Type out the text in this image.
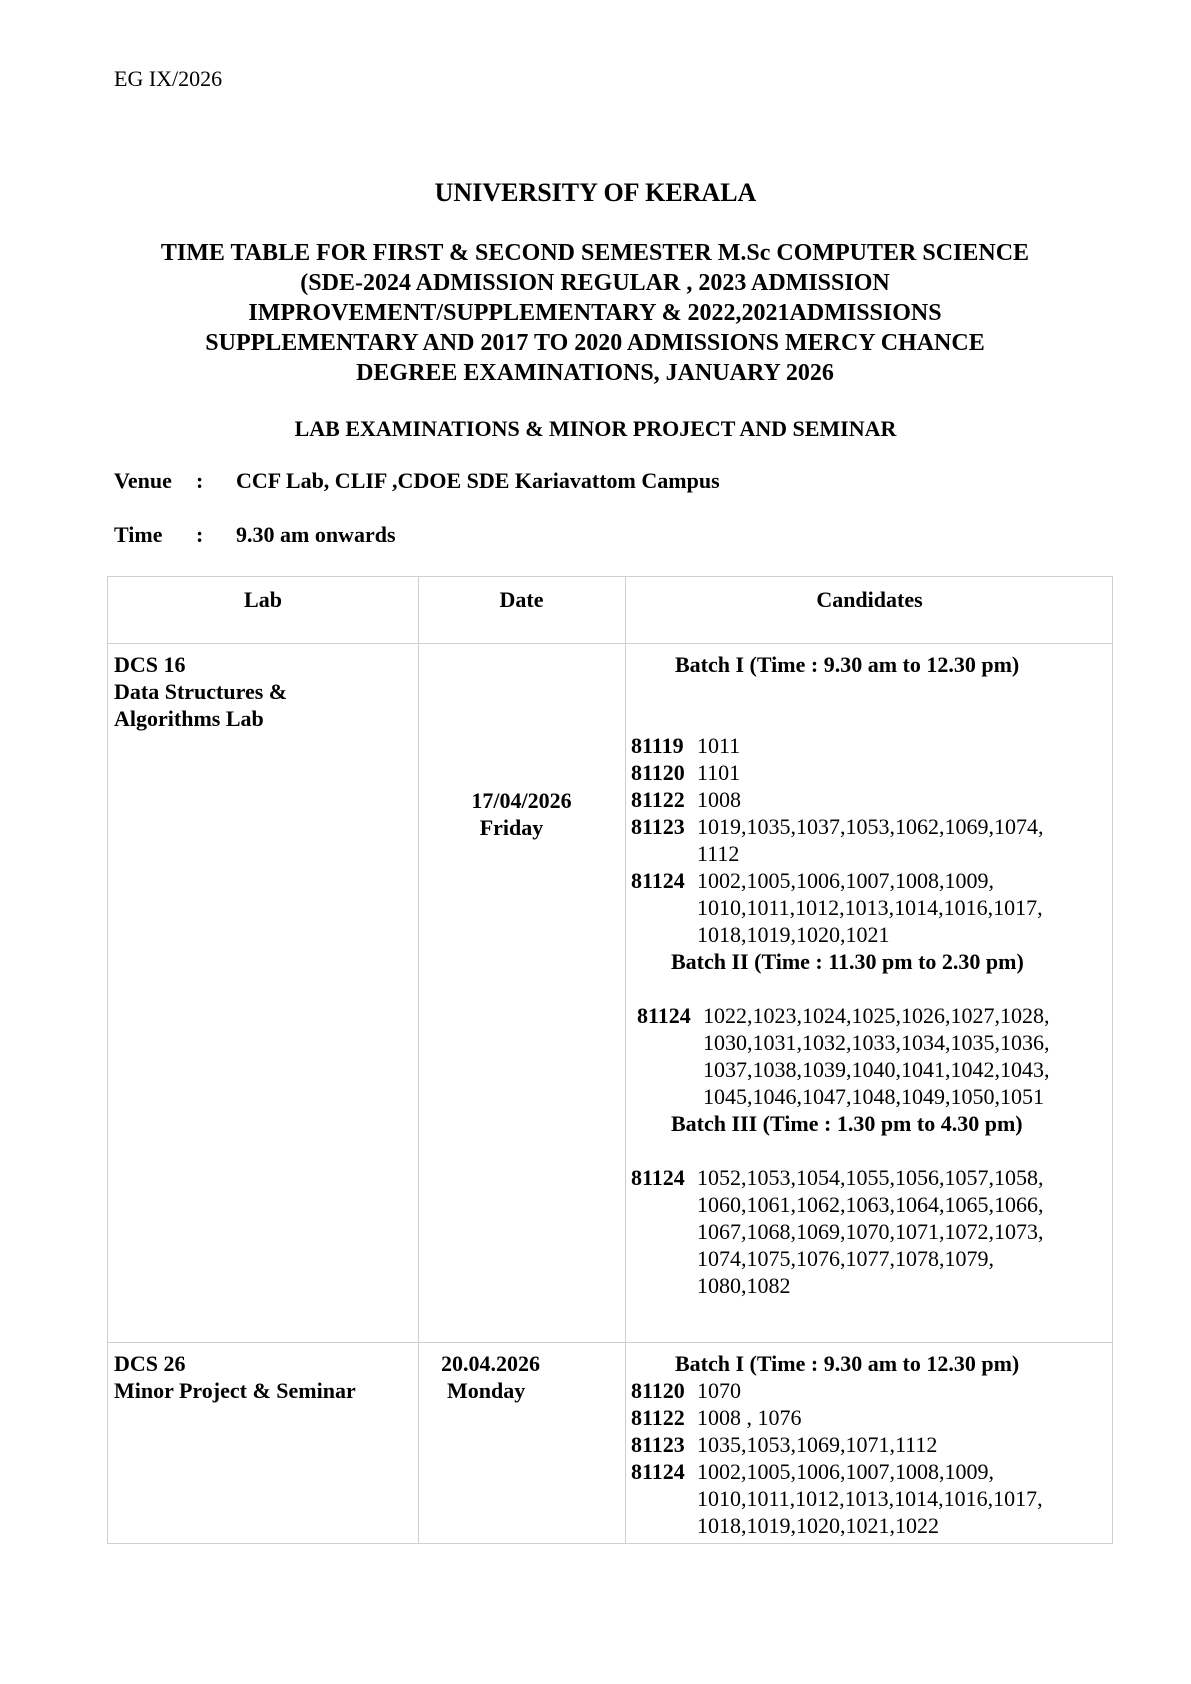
EG IX/2026
UNIVERSITY OF KERALA
TIME TABLE FOR FIRST & SECOND SEMESTER M.Sc COMPUTER SCIENCE
(SDE-2024 ADMISSION REGULAR , 2023 ADMISSION
IMPROVEMENT/SUPPLEMENTARY & 2022,2021ADMISSIONS
SUPPLEMENTARY AND 2017 TO 2020 ADMISSIONS MERCY CHANCE
DEGREE EXAMINATIONS, JANUARY 2026
LAB EXAMINATIONS & MINOR PROJECT AND SEMINAR
Venue : CCF Lab, CLIF ,CDOE SDE Kariavattom Campus
Time : 9.30 am onwards
Lab	Date	Candidates
DCS 16
Data Structures &
Algorithms Lab
17/04/2026
Friday
Batch I (Time : 9.30 am to 12.30 pm)
81119 1011
81120 1101
81122 1008
81123 1019,1035,1037,1053,1062,1069,1074, 1112
81124 1002,1005,1006,1007,1008,1009, 1010,1011,1012,1013,1014,1016,1017, 1018,1019,1020,1021
Batch II (Time : 11.30 pm to 2.30 pm)
81124 1022,1023,1024,1025,1026,1027,1028, 1030,1031,1032,1033,1034,1035,1036, 1037,1038,1039,1040,1041,1042,1043, 1045,1046,1047,1048,1049,1050,1051
Batch III (Time : 1.30 pm to 4.30 pm)
81124 1052,1053,1054,1055,1056,1057,1058, 1060,1061,1062,1063,1064,1065,1066, 1067,1068,1069,1070,1071,1072,1073, 1074,1075,1076,1077,1078,1079, 1080,1082
DCS 26
Minor Project & Seminar
20.04.2026
Monday
Batch I (Time : 9.30 am to 12.30 pm)
81120 1070
81122 1008 , 1076
81123 1035,1053,1069,1071,1112
81124 1002,1005,1006,1007,1008,1009, 1010,1011,1012,1013,1014,1016,1017, 1018,1019,1020,1021,1022
